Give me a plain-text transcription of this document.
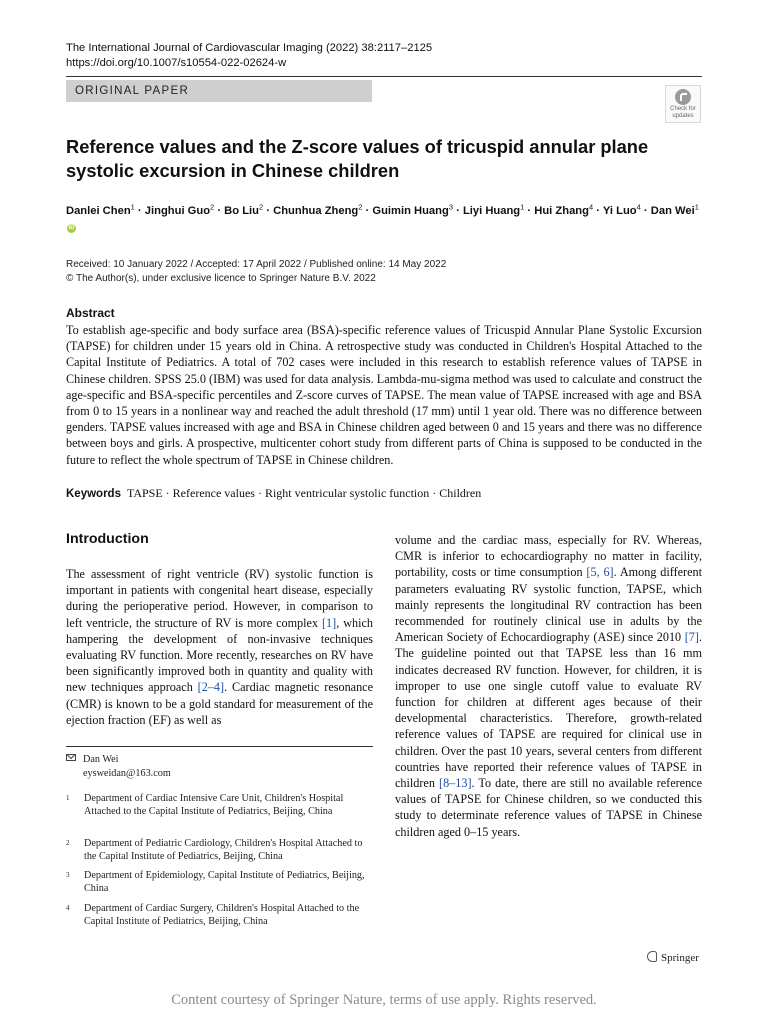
The International Journal of Cardiovascular Imaging (2022) 38:2117–2125
https://doi.org/10.1007/s10554-022-02624-w
ORIGINAL PAPER
Check for
updates
Reference values and the Z-score values of tricuspid annular plane systolic excursion in Chinese children
Danlei Chen$^1$ · Jinghui Guo$^2$ · Bo Liu$^2$ · Chunhua Zheng$^2$ · Guimin Huang$^3$ · Liyi Huang$^1$ · Hui Zhang$^4$ · Yi Luo$^4$ · Dan Wei$^1$iD
Received: 10 January 2022 / Accepted: 17 April 2022 / Published online: 14 May 2022
© The Author(s), under exclusive licence to Springer Nature B.V. 2022
Abstract
To establish age-specific and body surface area (BSA)-specific reference values of Tricuspid Annular Plane Systolic Excursion (TAPSE) for children under 15 years old in China. A retrospective study was conducted in Children's Hospital Attached to the Capital Institute of Pediatrics. A total of 702 cases were included in this research to establish reference values of TAPSE in Chinese children. SPSS 25.0 (IBM) was used for data analysis. Lambda-mu-sigma method was used to calculate and construct the age-specific and BSA-specific percentiles and Z-score curves of TAPSE. The mean value of TAPSE increased with age and BSA from 0 to 15 years in a nonlinear way and reached the adult threshold (17 mm) until 1 year old. There was no difference between genders. TAPSE values increased with age and BSA in Chinese children aged between 0 and 15 years and there was no difference between boys and girls. A prospective, multicenter cohort study from different parts of China is supposed to be conducted in the future to reflect the whole spectrum of TAPSE in Chinese children.
Keywords TAPSE · Reference values · Right ventricular systolic function · Children
Introduction
The assessment of right ventricle (RV) systolic function is important in patients with congenital heart disease, especially during the perioperative period. However, in comparison to left ventricle, the structure of RV is more complex [1], which hampering the development of non-invasive techniques evaluating RV function. More recently, researches on RV have been significantly improved both in quantity and quality with new techniques approach [2–4]. Cardiac magnetic resonance (CMR) is known to be a gold standard for measurement of the ejection fraction (EF) as well as
volume and the cardiac mass, especially for RV. Whereas, CMR is inferior to echocardiography no matter in facility, portability, costs or time consumption [5, 6]. Among different parameters evaluating RV systolic function, TAPSE, which mainly represents the longitudinal RV contraction has been recommended for routinely clinical use in adults by the American Society of Echocardiography (ASE) since 2010 [7]. The guideline pointed out that TAPSE less than 16 mm indicates decreased RV function. However, for children, it is improper to use one single cutoff value to evaluate RV function for children at different ages because of their developmental characteristics. Therefore, growth-related reference values of TAPSE are required for clinical use in children. Over the past 10 years, several centers from different countries have reported their reference values of TAPSE in children [8–13]. To date, there are still no available reference values of TAPSE for Chinese children, so we conducted this study to determinate reference values of TAPSE in Chinese children aged 0–15 years.
Dan Wei
eysweidan@163.com
1 Department of Cardiac Intensive Care Unit, Children's Hospital Attached to the Capital Institute of Pediatrics, Beijing, China
2 Department of Pediatric Cardiology, Children's Hospital Attached to the Capital Institute of Pediatrics, Beijing, China
3 Department of Epidemiology, Capital Institute of Pediatrics, Beijing, China
4 Department of Cardiac Surgery, Children's Hospital Attached to the Capital Institute of Pediatrics, Beijing, China
Springer
Content courtesy of Springer Nature, terms of use apply. Rights reserved.
